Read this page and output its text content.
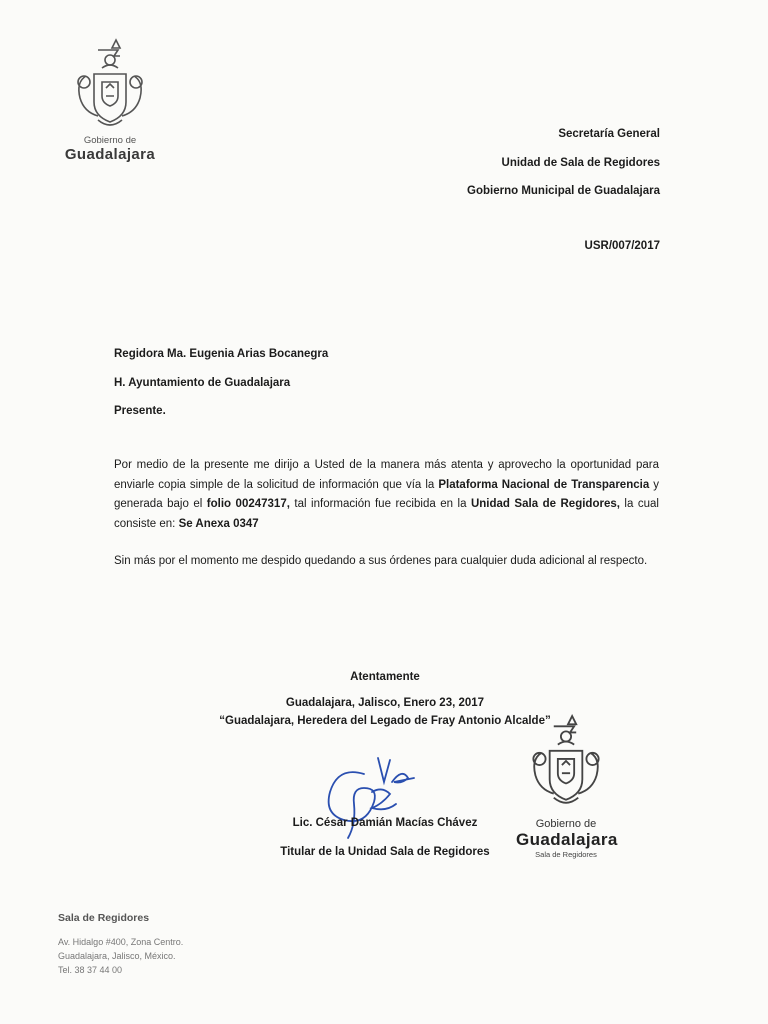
Gobierno de
Guadalajara
Secretaría General
Unidad de Sala de Regidores
Gobierno Municipal de Guadalajara
USR/007/2017
Regidora Ma. Eugenia Arias Bocanegra
H. Ayuntamiento de Guadalajara
Presente.
Por medio de la presente me dirijo a Usted de la manera más atenta y aprovecho la oportunidad para enviarle copia simple de la solicitud de información que vía la Plataforma Nacional de Transparencia y generada bajo el folio 00247317, tal información fue recibida en la Unidad Sala de Regidores, la cual consiste en: Se Anexa 0347
Sin más por el momento me despido quedando a sus órdenes para cualquier duda adicional al respecto.
Atentamente
Guadalajara, Jalisco, Enero 23, 2017
“Guadalajara, Heredera del Legado de Fray Antonio Alcalde”
Lic. César Damián Macías Chávez
Titular de la Unidad Sala de Regidores
Gobierno de
Guadalajara
Sala de Regidores
Sala de Regidores
Av. Hidalgo #400, Zona Centro.
Guadalajara, Jalisco, México.
Tel. 38 37 44 00
